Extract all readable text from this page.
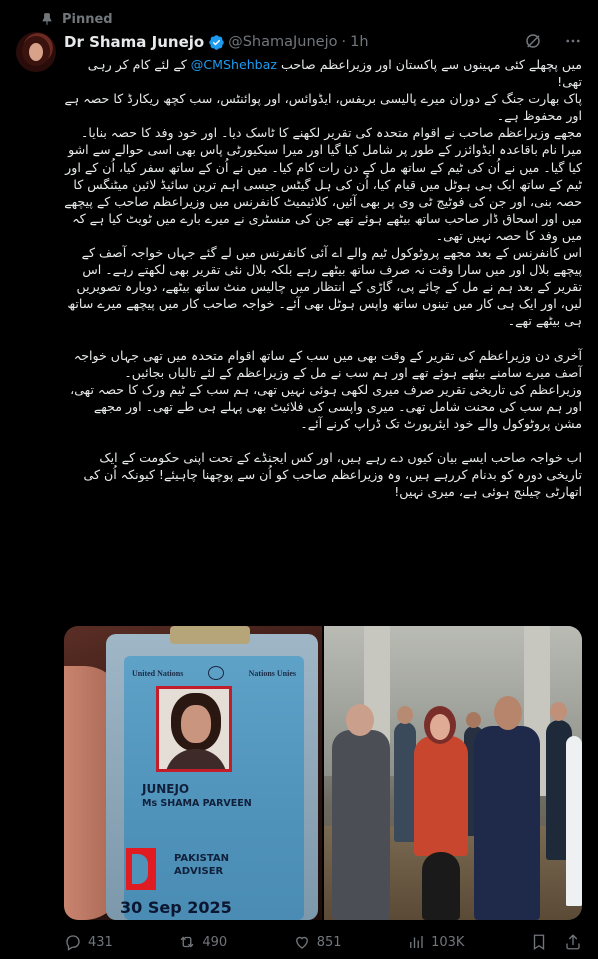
Pinned
Dr Shama Junejo @ShamaJunejo · 1h

میں پچھلے کئی مہینوں سے پاکستان اور وزیراعظم صاحب @CMShehbaz کے لئے کام کر رہی تھی!

پاک بھارت جنگ کے دوران میرے پالیسی بریفس، ایڈوائس، اور پوائنٹس، سب کچھ ریکارڈ کا حصہ ہے اور محفوظ ہے۔

مجھے وزیراعظم صاحب نے اقوام متحدہ کی تقریر لکھنے کا ٹاسک دیا۔ اور خود وفد کا حصہ بنایا۔ میرا نام باقاعدہ ایڈوائزر کے طور پر شامل کیا گیا اور میرا سیکیورٹی پاس بھی اسی حوالے سے اشو کیا گیا۔ میں نے اُن کی ٹیم کے ساتھ مل کے دن رات کام کیا۔ میں نے اُن کے ساتھ سفر کیا، اُن کے اور ٹیم کے ساتھ ایک ہی ہوٹل میں قیام کیا، اُن کی ہل گیٹس جیسی اہم ترین سائیڈ لائین میٹنگس کا حصہ بنی، اور جن کی فوٹیج ٹی وی پر بھی آئیں، کلائیمیٹ کانفرنس میں وزیراعظم صاحب کے پیچھے میں اور اسحاق ڈار صاحب ساتھ بیٹھے ہوئے تھے جن کی منسٹری نے میرے بارے میں ٹویٹ کیا ہے کہ میں وفد کا حصہ نہیں تھی۔

اس کانفرنس کے بعد مجھے پروٹوکول ٹیم والے اے آئی کانفرنس میں لے گئے جہاں خواجہ آصف کے پیچھے بلال اور میں سارا وقت نہ صرف ساتھ بیٹھے رہے بلکہ بلال نئی تقریر بھی لکھتے رہے۔ اس تقریر کے بعد ہم نے مل کے چائے پی، گاڑی کے انتظار میں چالیس منٹ ساتھ بیٹھے، دوبارہ تصویریں لیں، اور ایک ہی کار میں تینوں ساتھ واپس ہوٹل بھی آئے۔ خواجہ صاحب کار میں پیچھے میرے ساتھ ہی بیٹھے تھے۔

آخری دن وزیراعظم کی تقریر کے وقت بھی میں سب کے ساتھ اقوام متحدہ میں تھی جہاں خواجہ آصف میرے سامنے بیٹھے ہوئے تھے اور ہم سب نے مل کے وزیراعظم کے لئے تالیاں بجائیں۔

وزیراعظم کی تاریخی تقریر صرف میری لکھی ہوئی نہیں تھی، ہم سب کے ٹیم ورک کا حصہ تھی، اور ہم سب کی محنت شامل تھی۔ میری واپسی کی فلائیٹ بھی پہلے ہی طے تھی۔ اور مجھے مشن پروٹوکول والے خود ایئرپورٹ تک ڈراپ کرنے آئے۔

اب خواجہ صاحب ایسے بیان کیوں دے رہے ہیں، اور کس ایجنڈے کے تحت اپنی حکومت کے ایک تاریخی دورہ کو بدنام کررہے ہیں، وہ وزیراعظم صاحب کو اُن سے پوچھنا چاہیئے! کیونکہ اُن کی اتھارٹی چیلنج ہوئی ہے، میری نہیں!

United Nations	Nations Unies
JUNEJO
Ms SHAMA PARVEEN
PAKISTAN
ADVISER
30 Sep 2025
431	490	851	103K
